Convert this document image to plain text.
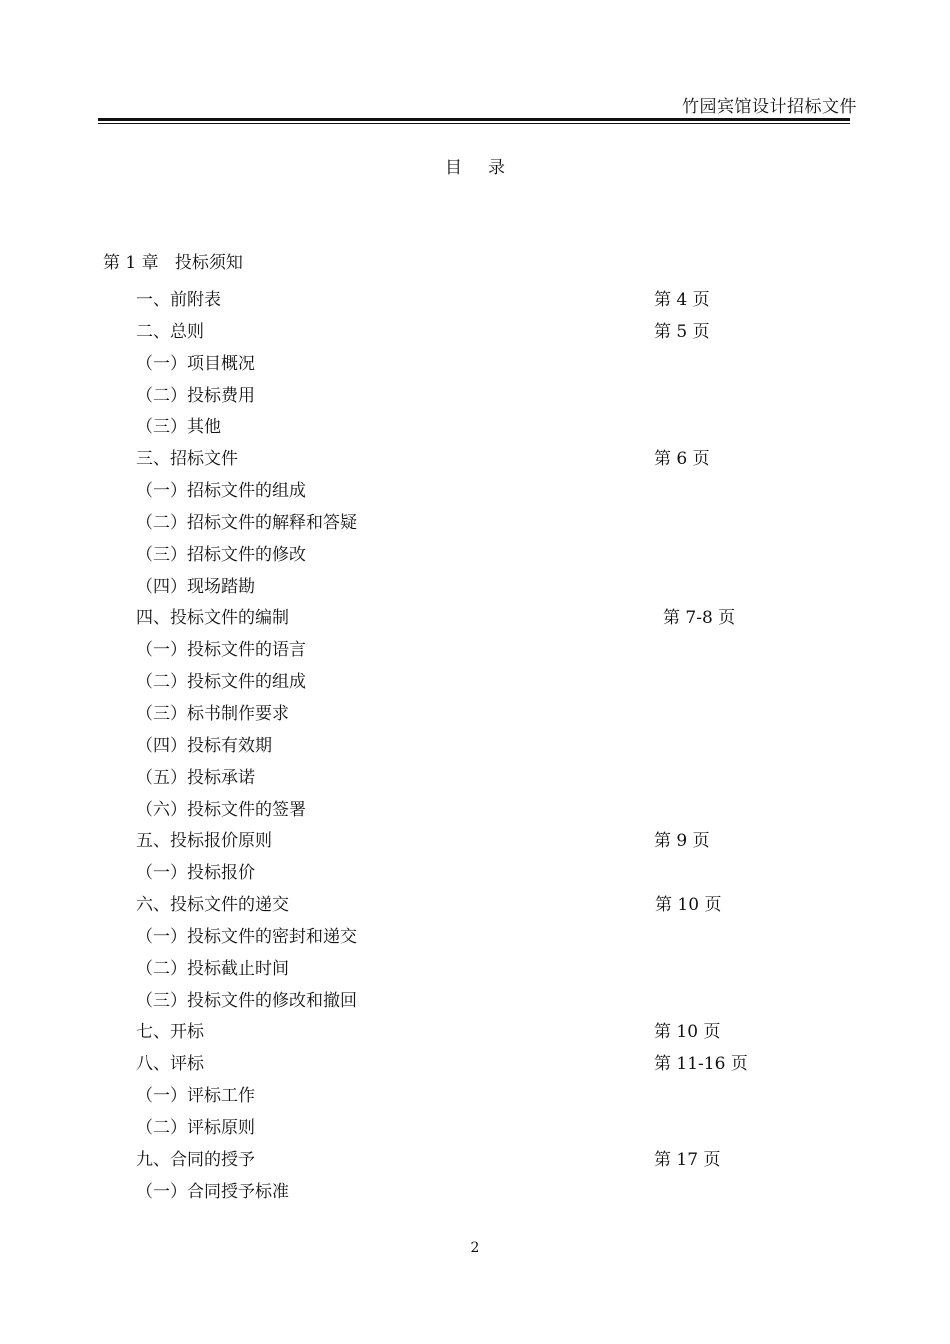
竹园宾馆设计招标文件
目录
第 1 章   投标须知
一、前附表	第 4 页
二、总则	第 5 页
（一）项目概况
（二）投标费用
（三）其他
三、招标文件	第 6 页
（一）招标文件的组成
（二）招标文件的解释和答疑
（三）招标文件的修改
（四）现场踏勘
四、投标文件的编制	第 7-8 页
（一）投标文件的语言
（二）投标文件的组成
（三）标书制作要求
（四）投标有效期
（五）投标承诺
（六）投标文件的签署
五、投标报价原则	第 9 页
（一）投标报价
六、投标文件的递交	第 10 页
（一）投标文件的密封和递交
（二）投标截止时间
（三）投标文件的修改和撤回
七、开标	第 10 页
八、评标	第 11-16 页
（一）评标工作
（二）评标原则
九、合同的授予	第 17 页
（一）合同授予标准
2
